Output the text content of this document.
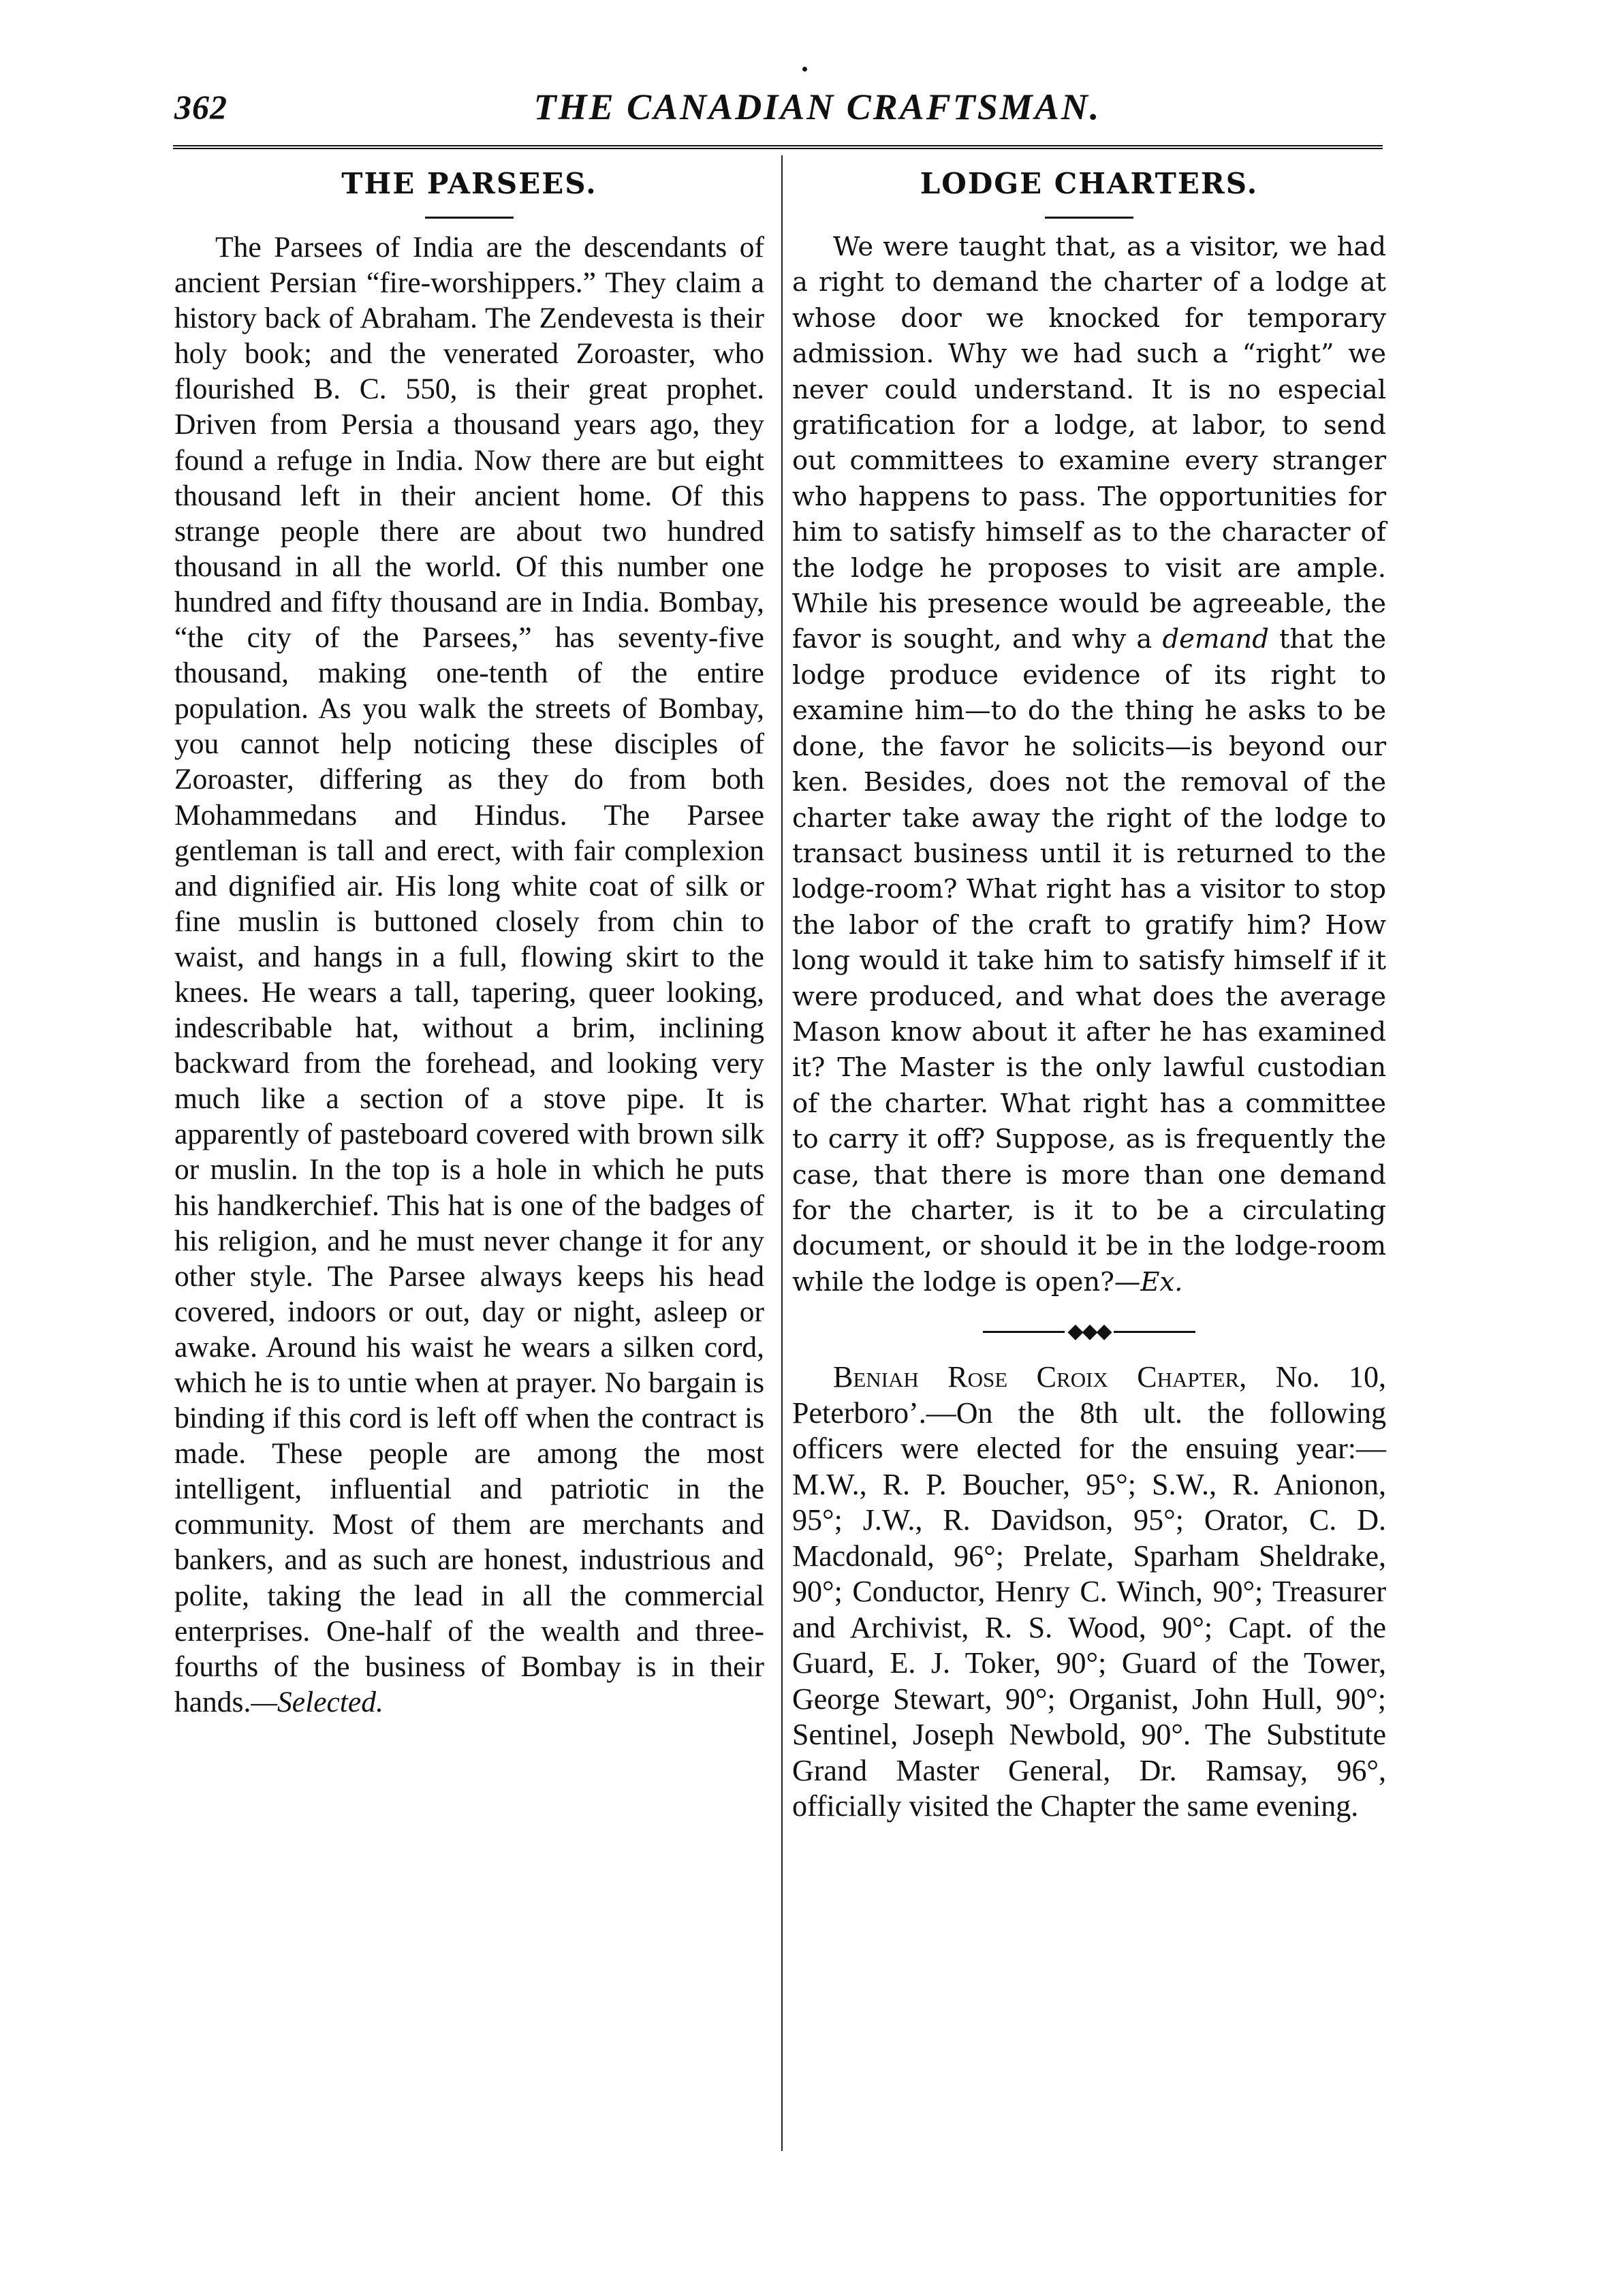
362	THE CANADIAN CRAFTSMAN.
THE PARSEES.

The Parsees of India are the descendants of ancient Persian “fire-worshippers.” They claim a history back of Abraham. The Zendevesta is their holy book; and the venerated Zoroaster, who flourished B. C. 550, is their great prophet. Driven from Persia a thousand years ago, they found a refuge in India. Now there are but eight thousand left in their ancient home. Of this strange people there are about two hundred thousand in all the world. Of this number one hundred and fifty thousand are in India. Bombay, “the city of the Parsees,” has seventy-five thousand, making one-tenth of the entire population. As you walk the streets of Bombay, you cannot help noticing these disciples of Zoroaster, differing as they do from both Mohammedans and Hindus. The Parsee gentleman is tall and erect, with fair complexion and dignified air. His long white coat of silk or fine muslin is buttoned closely from chin to waist, and hangs in a full, flowing skirt to the knees. He wears a tall, tapering, queer looking, indescribable hat, without a brim, inclining backward from the forehead, and looking very much like a section of a stove pipe. It is apparently of pasteboard covered with brown silk or muslin. In the top is a hole in which he puts his handkerchief. This hat is one of the badges of his religion, and he must never change it for any other style. The Parsee always keeps his head covered, indoors or out, day or night, asleep or awake. Around his waist he wears a silken cord, which he is to untie when at prayer. No bargain is binding if this cord is left off when the contract is made. These people are among the most intelligent, influential and patriotic in the community. Most of them are merchants and bankers, and as such are honest, industrious and polite, taking the lead in all the commercial enterprises. One-half of the wealth and three-fourths of the business of Bombay is in their hands.—Selected.

LODGE CHARTERS.

We were taught that, as a visitor, we had a right to demand the charter of a lodge at whose door we knocked for temporary admission. Why we had such a “right” we never could understand. It is no especial gratification for a lodge, at labor, to send out committees to examine every stranger who happens to pass. The opportunities for him to satisfy himself as to the character of the lodge he proposes to visit are ample. While his presence would be agreeable, the favor is sought, and why a demand that the lodge produce evidence of its right to examine him—to do the thing he asks to be done, the favor he solicits—is beyond our ken. Besides, does not the removal of the charter take away the right of the lodge to transact business until it is returned to the lodge-room? What right has a visitor to stop the labor of the craft to gratify him? How long would it take him to satisfy himself if it were produced, and what does the average Mason know about it after he has examined it? The Master is the only lawful custodian of the charter. What right has a committee to carry it off? Suppose, as is frequently the case, that there is more than one demand for the charter, is it to be a circulating document, or should it be in the lodge-room while the lodge is open?—Ex.

◆◆◆

Beniah Rose Croix Chapter, No. 10, Peterboro’.—On the 8th ult. the following officers were elected for the ensuing year:—M.W., R. P. Boucher, 95°; S.W., R. Anionon, 95°; J.W., R. Davidson, 95°; Orator, C. D. Macdonald, 96°; Prelate, Sparham Sheldrake, 90°; Conductor, Henry C. Winch, 90°; Treasurer and Archivist, R. S. Wood, 90°; Capt. of the Guard, E. J. Toker, 90°; Guard of the Tower, George Stewart, 90°; Organist, John Hull, 90°; Sentinel, Joseph Newbold, 90°. The Substitute Grand Master General, Dr. Ramsay, 96°, officially visited the Chapter the same evening.
